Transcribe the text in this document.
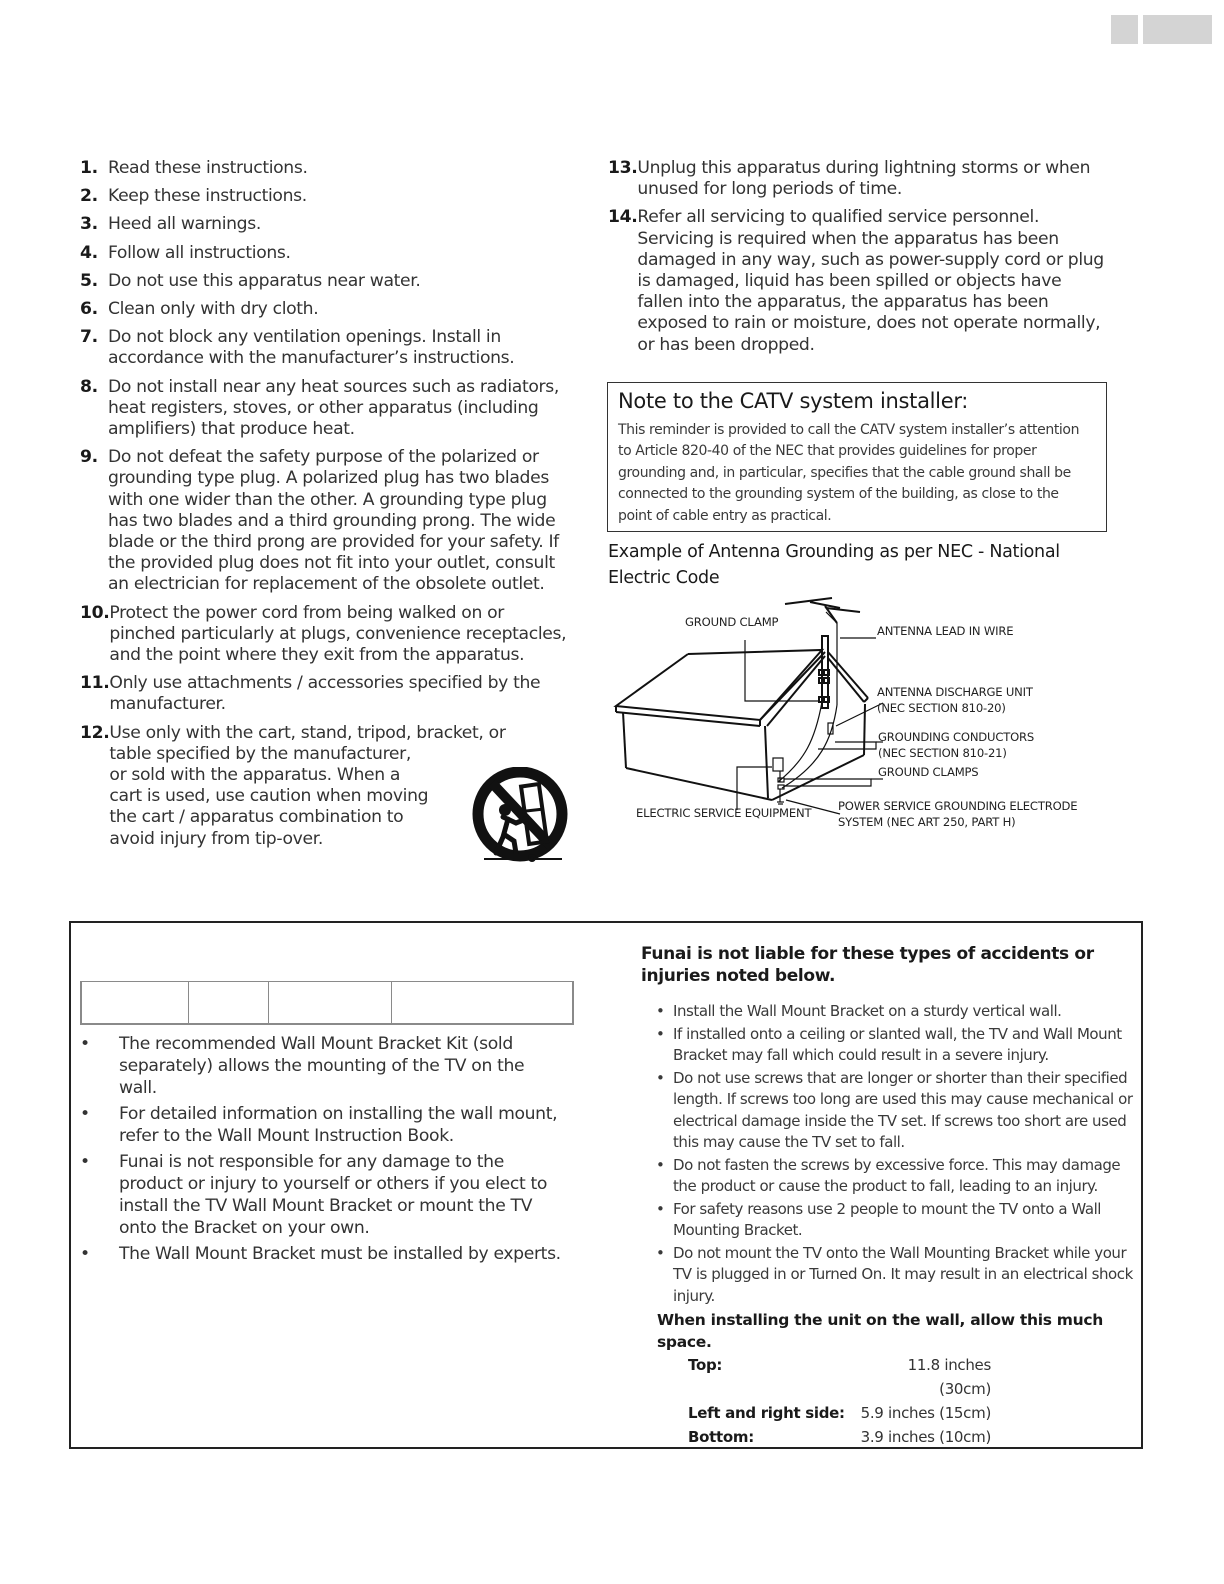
1. Read these instructions.
2. Keep these instructions.
3. Heed all warnings.
4. Follow all instructions.
5. Do not use this apparatus near water.
6. Clean only with dry cloth.
7. Do not block any ventilation openings. Install in accordance with the manufacturer’s instructions.
8. Do not install near any heat sources such as radiators, heat registers, stoves, or other apparatus (including amplifiers) that produce heat.
9. Do not defeat the safety purpose of the polarized or grounding type plug. A polarized plug has two blades with one wider than the other. A grounding type plug has two blades and a third grounding prong. The wide blade or the third prong are provided for your safety. If the provided plug does not fit into your outlet, consult an electrician for replacement of the obsolete outlet.
10. Protect the power cord from being walked on or pinched particularly at plugs, convenience receptacles, and the point where they exit from the apparatus.
11. Only use attachments / accessories specified by the manufacturer.
12. Use only with the cart, stand, tripod, bracket, or
table specified by the manufacturer, or sold with the apparatus. When a cart is used, use caution when moving the cart / apparatus combination to avoid injury from tip-over.
13. Unplug this apparatus during lightning storms or when unused for long periods of time.
14. Refer all servicing to qualified service personnel. Servicing is required when the apparatus has been damaged in any way, such as power-supply cord or plug is damaged, liquid has been spilled or objects have fallen into the apparatus, the apparatus has been exposed to rain or moisture, does not operate normally, or has been dropped.
Note to the CATV system installer:
This reminder is provided to call the CATV system installer’s attention to Article 820-40 of the NEC that provides guidelines for proper grounding and, in particular, specifies that the cable ground shall be connected to the grounding system of the building, as close to the point of cable entry as practical.
Example of Antenna Grounding as per NEC - National Electric Code
GROUND CLAMP
ANTENNA LEAD IN WIRE
ANTENNA DISCHARGE UNIT
(NEC SECTION 810-20)
GROUNDING CONDUCTORS
(NEC SECTION 810-21)
GROUND CLAMPS
ELECTRIC SERVICE EQUIPMENT POWER SERVICE GROUNDING ELECTRODE
SYSTEM (NEC ART 250, PART H)
•	The recommended Wall Mount Bracket Kit (sold separately) allows the mounting of the TV on the wall.
•	For detailed information on installing the wall mount, refer to the Wall Mount Instruction Book.
•	Funai is not responsible for any damage to the product or injury to yourself or others if you elect to install the TV Wall Mount Bracket or mount the TV onto the Bracket on your own.
•	The Wall Mount Bracket must be installed by experts.
Funai is not liable for these types of accidents or injuries noted below.
• Install the Wall Mount Bracket on a sturdy vertical wall.
• If installed onto a ceiling or slanted wall, the TV and Wall Mount Bracket may fall which could result in a severe injury.
• Do not use screws that are longer or shorter than their specified length. If screws too long are used this may cause mechanical or electrical damage inside the TV set. If screws too short are used this may cause the TV set to fall.
• Do not fasten the screws by excessive force. This may damage the product or cause the product to fall, leading to an injury.
• For safety reasons use 2 people to mount the TV onto a Wall Mounting Bracket.
• Do not mount the TV onto the Wall Mounting Bracket while your TV is plugged in or Turned On. It may result in an electrical shock injury.
When installing the unit on the wall, allow this much space.
Top:	11.8 inches (30cm)
Left and right side:	5.9 inches (15cm)
Bottom:	3.9 inches (10cm)
